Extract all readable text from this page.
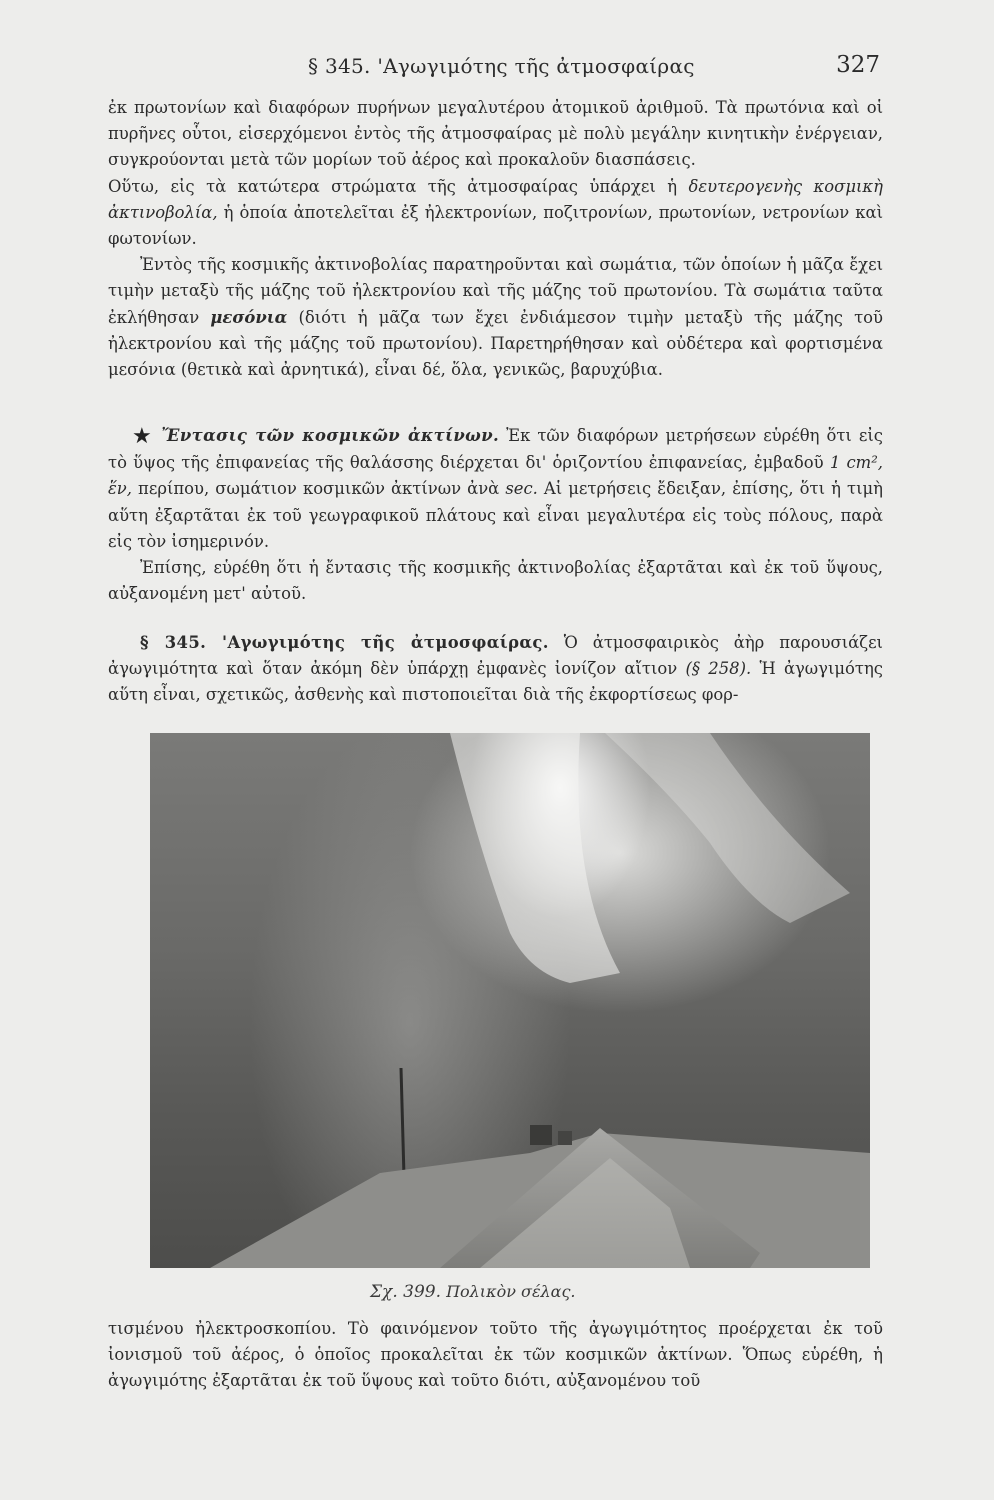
§ 345. 'Αγωγιμότης τῆς ἀτμοσφαίρας	327

ἐκ πρωτονίων καὶ διαφόρων πυρήνων μεγαλυτέρου ἀτομικοῦ ἀριθμοῦ. Τὰ πρωτόνια καὶ οἱ πυρῆνες οὗτοι, εἰσερχόμενοι ἐντὸς τῆς ἀτμοσφαίρας μὲ πολὺ μεγάλην κινητικὴν ἐνέργειαν, συγκρούονται μετὰ τῶν μορίων τοῦ ἀέρος καὶ προκαλοῦν διασπάσεις.

Οὕτω, εἰς τὰ κατώτερα στρώματα τῆς ἀτμοσφαίρας ὑπάρχει ἡ δευτερογενὴς κοσμικὴ ἀκτινοβολία, ἡ ὁποία ἀποτελεῖται ἐξ ἠλεκτρονίων, ποζιτρονίων, πρωτονίων, νετρονίων καὶ φωτονίων.

Ἐντὸς τῆς κοσμικῆς ἀκτινοβολίας παρατηροῦνται καὶ σωμάτια, τῶν ὁποίων ἡ μᾶζα ἔχει τιμὴν μεταξὺ τῆς μάζης τοῦ ἠλεκτρονίου καὶ τῆς μάζης τοῦ πρωτονίου. Τὰ σωμάτια ταῦτα ἐκλήθησαν μεσόνια (διότι ἡ μᾶζα των ἔχει ἐνδιάμεσον τιμὴν μεταξὺ τῆς μάζης τοῦ ἠλεκτρονίου καὶ τῆς μάζης τοῦ πρωτονίου). Παρετηρήθησαν καὶ οὐδέτερα καὶ φορτισμένα μεσόνια (θετικὰ καὶ ἀρνητικά), εἶναι δέ, ὅλα, γενικῶς, βαρυχύβια.

★ Ἔντασις τῶν κοσμικῶν ἀκτίνων. Ἐκ τῶν διαφόρων μετρήσεων εὑρέθη ὅτι εἰς τὸ ὕψος τῆς ἐπιφανείας τῆς θαλάσσης διέρχεται δι' ὁριζοντίου ἐπιφανείας, ἐμβαδοῦ 1 cm², ἕν, περίπου, σωμάτιον κοσμικῶν ἀκτίνων ἀνὰ sec. Αἱ μετρήσεις ἔδειξαν, ἐπίσης, ὅτι ἡ τιμὴ αὕτη ἐξαρτᾶται ἐκ τοῦ γεωγραφικοῦ πλάτους καὶ εἶναι μεγαλυτέρα εἰς τοὺς πόλους, παρὰ εἰς τὸν ἰσημερινόν.

Ἐπίσης, εὑρέθη ὅτι ἡ ἔντασις τῆς κοσμικῆς ἀκτινοβολίας ἐξαρτᾶται καὶ ἐκ τοῦ ὕψους, αὐξανομένη μετ' αὐτοῦ.

§ 345. 'Αγωγιμότης τῆς ἀτμοσφαίρας. Ὁ ἀτμοσφαιρικὸς ἀὴρ παρουσιάζει ἀγωγιμότητα καὶ ὅταν ἀκόμη δὲν ὑπάρχῃ ἐμφανὲς ἰονίζον αἴτιον (§ 258). Ἡ ἀγωγιμότης αὕτη εἶναι, σχετικῶς, ἀσθενὴς καὶ πιστοποιεῖται διὰ τῆς ἐκφορτίσεως φορ-

Σχ. 399. Πολικὸν σέλας.

τισμένου ἠλεκτροσκοπίου. Τὸ φαινόμενον τοῦτο τῆς ἀγωγιμότητος προέρχεται ἐκ τοῦ ἰονισμοῦ τοῦ ἀέρος, ὁ ὁποῖος προκαλεῖται ἐκ τῶν κοσμικῶν ἀκτίνων. Ὅπως εὑρέθη, ἡ ἀγωγιμότης ἐξαρτᾶται ἐκ τοῦ ὕψους καὶ τοῦτο διότι, αὐξανομένου τοῦ
